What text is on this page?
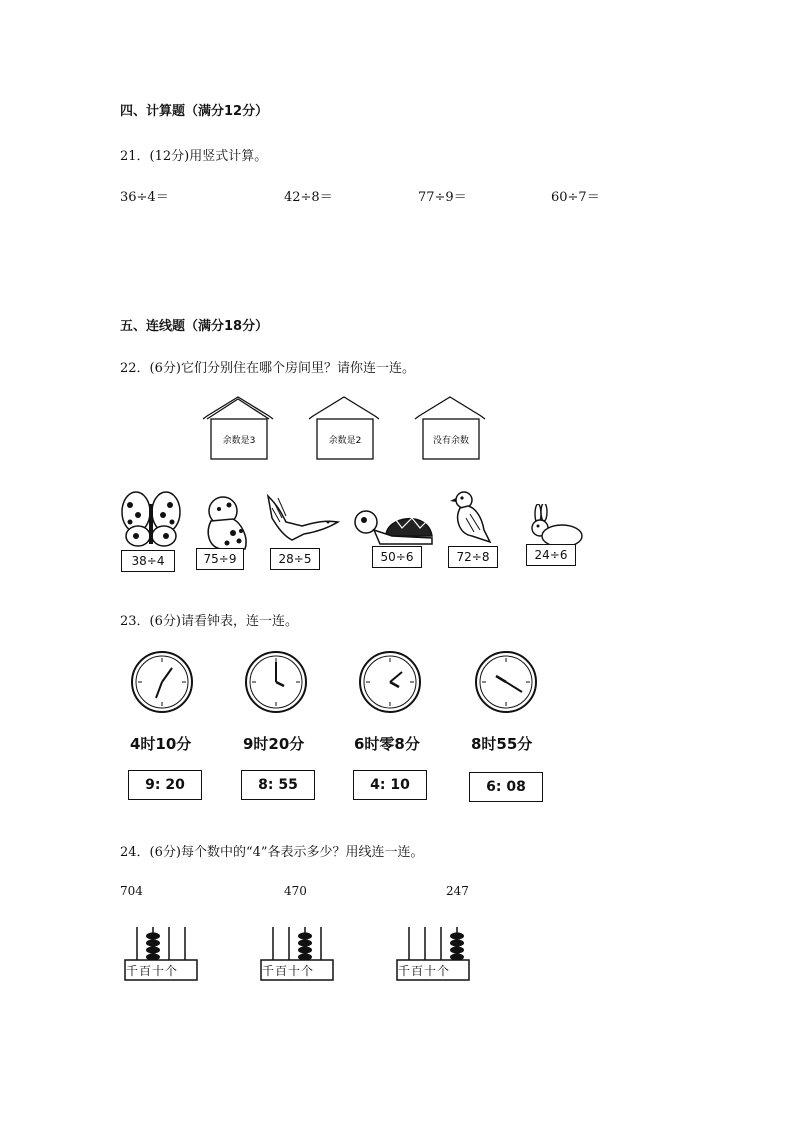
四、计算题（满分12分）
21．(12分)用竖式计算。
36÷4＝	42÷8＝	77÷9＝	60÷7＝
五、连线题（满分18分）
22．(6分)它们分别住在哪个房间里？请你连一连。
余数是3	余数是2	没有余数
38÷4	75÷9	28÷5	50÷6	72÷8	24÷6
23．(6分)请看钟表，连一连。
4时10分	9时20分	6时零8分	8时55分
9: 20	8: 55	4: 10	6: 08
24．(6分)每个数中的“4”各表示多少？用线连一连。
704	470	247
千百十个	千百十个	千百十个
